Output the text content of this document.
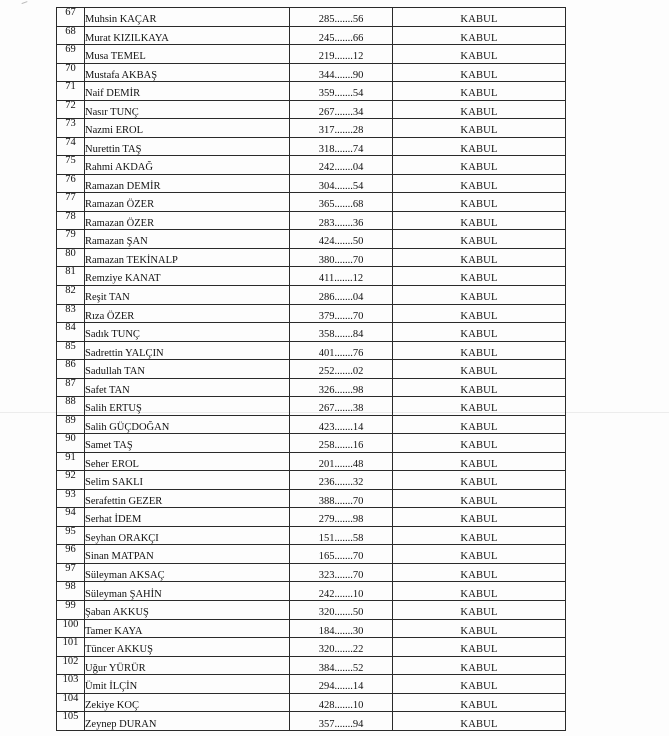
67	Muhsin KAÇAR	285.......56	KABUL
68	Murat KIZILKAYA	245.......66	KABUL
69	Musa TEMEL	219.......12	KABUL
70	Mustafa AKBAŞ	344.......90	KABUL
71	Naif DEMİR	359.......54	KABUL
72	Nasır TUNÇ	267.......34	KABUL
73	Nazmi EROL	317.......28	KABUL
74	Nurettin TAŞ	318.......74	KABUL
75	Rahmi AKDAĞ	242.......04	KABUL
76	Ramazan DEMİR	304.......54	KABUL
77	Ramazan ÖZER	365.......68	KABUL
78	Ramazan ÖZER	283.......36	KABUL
79	Ramazan ŞAN	424.......50	KABUL
80	Ramazan TEKİNALP	380.......70	KABUL
81	Remziye KANAT	411.......12	KABUL
82	Reşit TAN	286.......04	KABUL
83	Rıza ÖZER	379.......70	KABUL
84	Sadık TUNÇ	358.......84	KABUL
85	Sadrettin YALÇIN	401.......76	KABUL
86	Sadullah TAN	252.......02	KABUL
87	Safet TAN	326.......98	KABUL
88	Salih ERTUŞ	267.......38	KABUL
89	Salih GÜÇDOĞAN	423.......14	KABUL
90	Samet TAŞ	258.......16	KABUL
91	Seher EROL	201.......48	KABUL
92	Selim SAKLI	236.......32	KABUL
93	Serafettin GEZER	388.......70	KABUL
94	Serhat İDEM	279.......98	KABUL
95	Seyhan ORAKÇI	151.......58	KABUL
96	Sinan MATPAN	165.......70	KABUL
97	Süleyman AKSAÇ	323.......70	KABUL
98	Süleyman ŞAHİN	242.......10	KABUL
99	Şaban AKKUŞ	320.......50	KABUL
100	Tamer KAYA	184.......30	KABUL
101	Tüncer AKKUŞ	320.......22	KABUL
102	Uğur YÜRÜR	384.......52	KABUL
103	Ümit İLÇİN	294.......14	KABUL
104	Zekiye KOÇ	428.......10	KABUL
105	Zeynep DURAN	357.......94	KABUL
